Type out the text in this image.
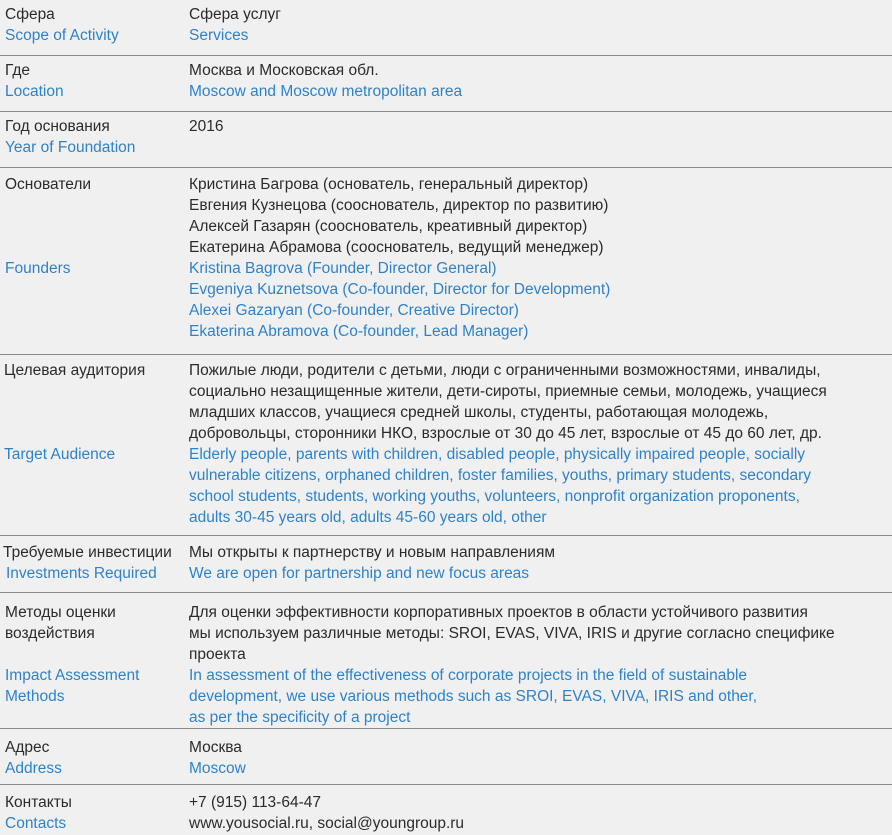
Сфера
Scope of Activity
Сфера услуг
Services
Где
Location
Москва и Московская обл.
Moscow and Moscow metropolitan area
Год основания
Year of Foundation
2016
Основатели
Founders
Кристина Багрова (основатель, генеральный директор)
Евгения Кузнецова (сооснователь, директор по развитию)
Алексей Газарян (сооснователь, креативный директор)
Екатерина Абрамова (сооснователь, ведущий менеджер)
Kristina Bagrova (Founder, Director General)
Evgeniya Kuznetsova (Co-founder, Director for Development)
Alexei Gazaryan (Co-founder, Creative Director)
Ekaterina Abramova (Co-founder, Lead Manager)
Целевая аудитория
Target Audience
Пожилые люди, родители с детьми, люди с ограниченными возможностями, инвалиды,
социально незащищенные жители, дети-сироты, приемные семьи, молодежь, учащиеся
младших классов, учащиеся средней школы, студенты, работающая молодежь,
добровольцы, сторонники НКО, взрослые от 30 до 45 лет, взрослые от 45 до 60 лет, др.
Elderly people, parents with children, disabled people, physically impaired people, socially
vulnerable citizens, orphaned children, foster families, youths, primary students, secondary
school students, students, working youths, volunteers, nonprofit organization proponents,
adults 30-45 years old, adults 45-60 years old, other
Требуемые инвестиции
Investments Required
Мы открыты к партнерству и новым направлениям
We are open for partnership and new focus areas
Методы оценки
воздействия
Impact Assessment
Methods
Для оценки эффективности корпоративных проектов в области устойчивого развития
мы используем различные методы: SROI, EVAS, VIVA, IRIS и другие согласно специфике
проекта
In assessment of the effectiveness of corporate projects in the field of sustainable
development, we use various methods such as SROI, EVAS, VIVA, IRIS and other,
as per the specificity of a project
Адрес
Address
Москва
Moscow
Контакты
Contacts
+7 (915) 113-64-47
www.yousocial.ru, social@youngroup.ru
